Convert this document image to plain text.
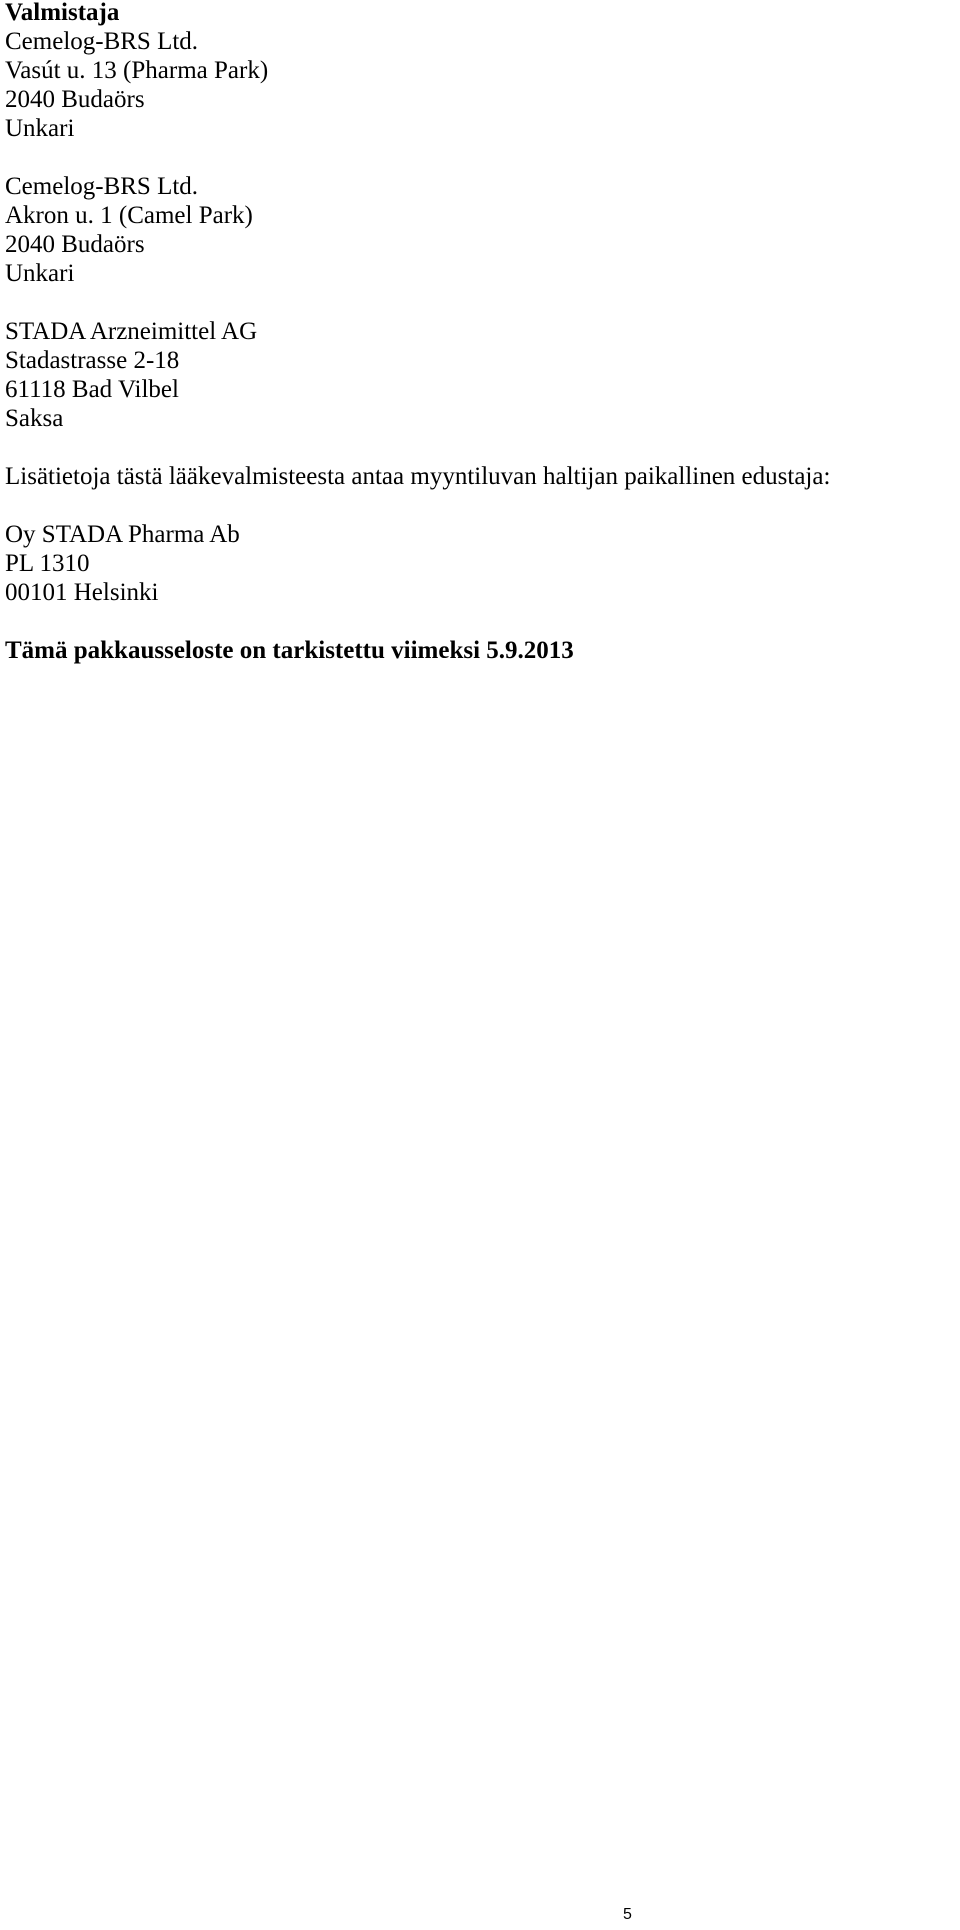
Valmistaja

Cemelog-BRS Ltd.
Vasút u. 13 (Pharma Park)
2040 Budaörs
Unkari
Cemelog-BRS Ltd.
Akron u. 1 (Camel Park)
2040 Budaörs
Unkari
STADA Arzneimittel AG
Stadastrasse 2-18
61118 Bad Vilbel
Saksa

Lisätietoja tästä lääkevalmisteesta antaa myyntiluvan haltijan paikallinen edustaja:

Oy STADA Pharma Ab
PL 1310
00101 Helsinki

Tämä pakkausseloste on tarkistettu viimeksi 5.9.2013

5
